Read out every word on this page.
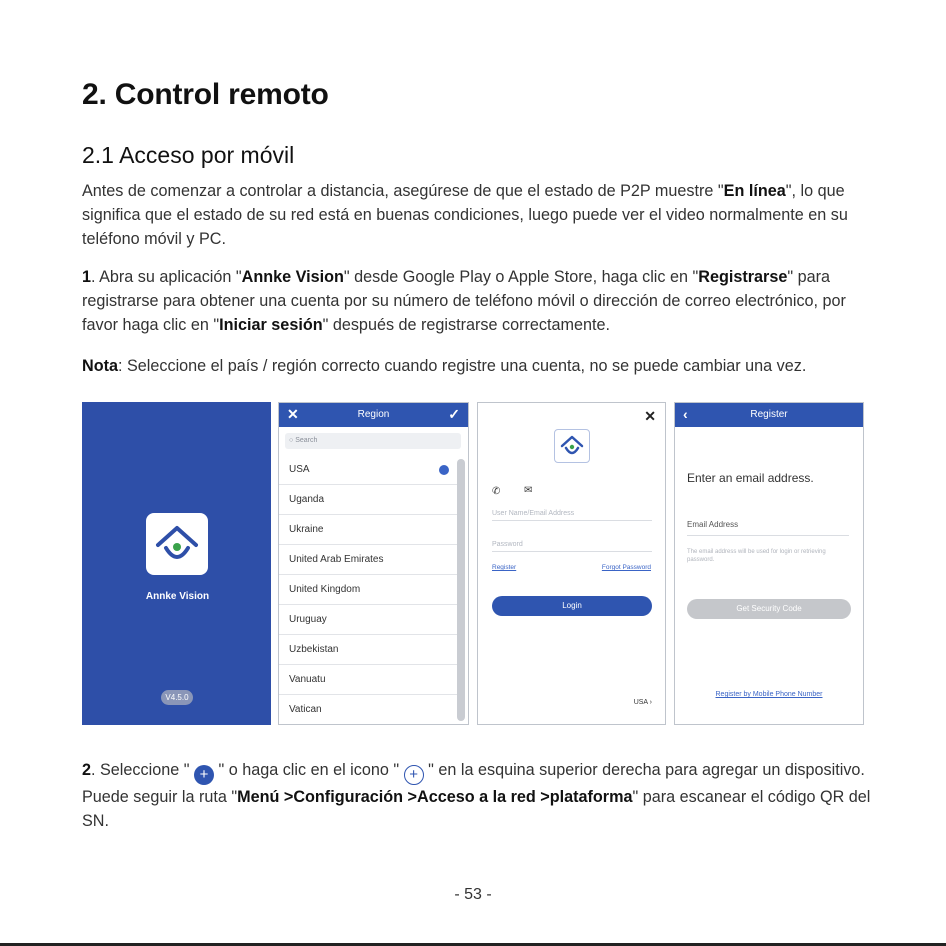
2. Control remoto
2.1 Acceso por móvil

Antes de comenzar a controlar a distancia, asegúrese de que el estado de P2P muestre "En línea", lo que significa que el estado de su red está en buenas condiciones, luego puede ver el video normalmente en su teléfono móvil y PC.

1. Abra su aplicación "Annke Vision" desde Google Play o Apple Store, haga clic en "Registrarse" para registrarse para obtener una cuenta por su número de teléfono móvil o dirección de correo electrónico, por favor haga clic en "Iniciar sesión" después de registrarse correctamente.

Nota: Seleccione el país / región correcto cuando registre una cuenta, no se puede cambiar una vez.

Annke Vision
V4.5.0
✕	Region	✓
○ Search
USA
Uganda
Ukraine
United Arab Emirates
United Kingdom
Uruguay
Uzbekistan
Vanuatu
Vatican
✕
✆ ✉
User Name/Email Address
Password
Register	Forgot Password
Login
USA ›
‹	Register
Enter an email address.
Email Address
The email address will be used for login or retrieving password.
Get Security Code
Register by Mobile Phone Number

2. Seleccione " + " o haga clic en el icono " + " en la esquina superior derecha para agregar un dispositivo. Puede seguir la ruta "Menú >Configuración >Acceso a la red >plataforma" para escanear el código QR del SN.

- 53 -
